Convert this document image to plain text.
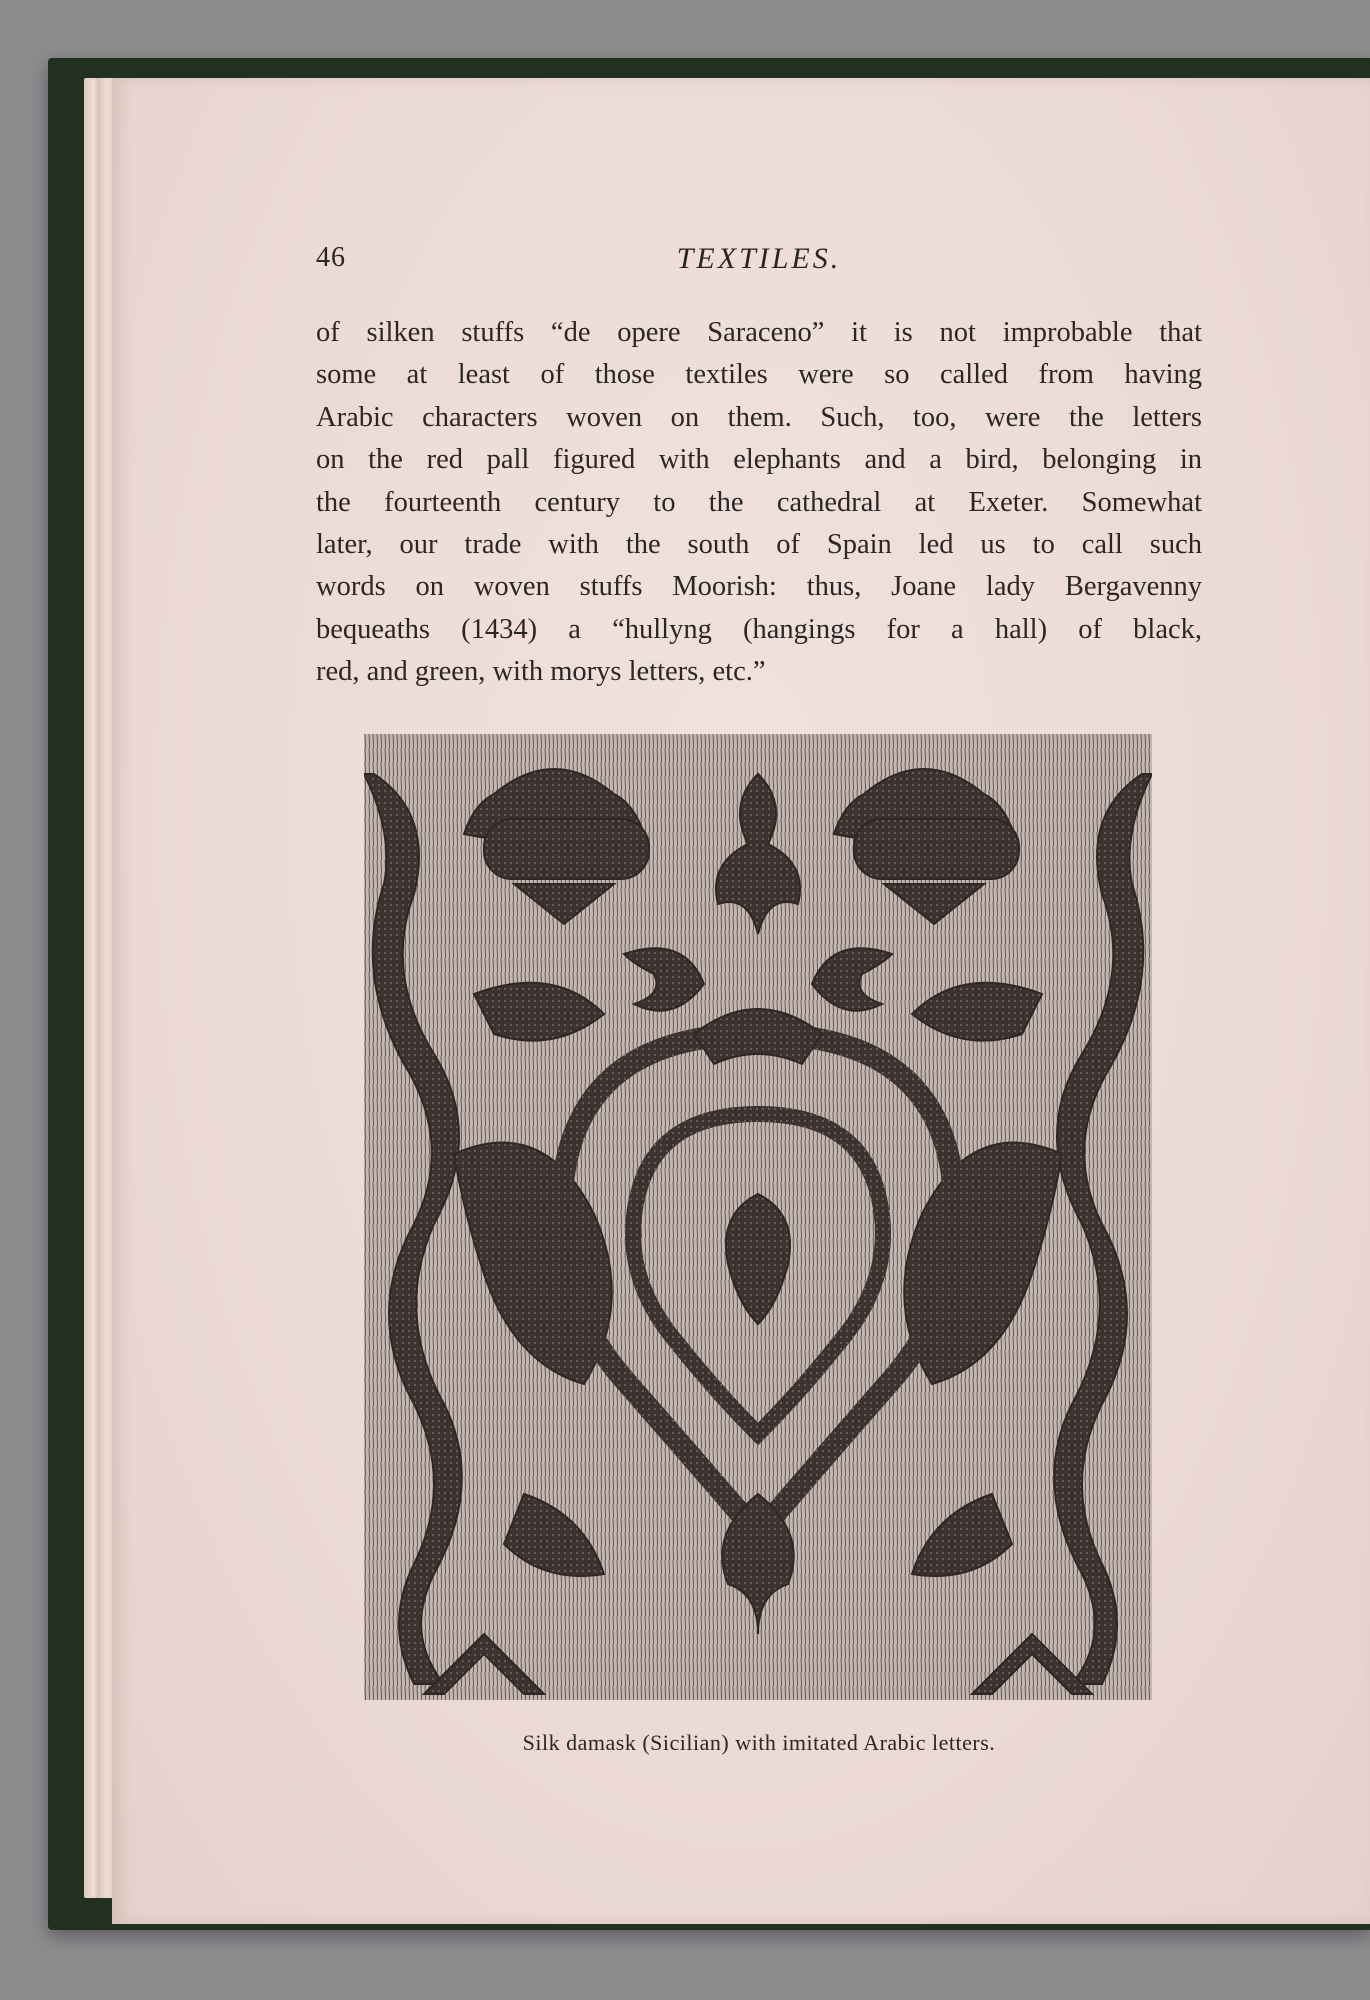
46	TEXTILES.
of silken stuffs “de opere Saraceno” it is not improbable that
some at least of those textiles were so called from having
Arabic characters woven on them. Such, too, were the letters
on the red pall figured with elephants and a bird, belonging in
the fourteenth century to the cathedral at Exeter. Somewhat
later, our trade with the south of Spain led us to call such
words on woven stuffs Moorish: thus, Joane lady Bergavenny
bequeaths (1434) a “hullyng (hangings for a hall) of black,
red, and green, with morys letters, etc.”
Silk damask (Sicilian) with imitated Arabic letters.
